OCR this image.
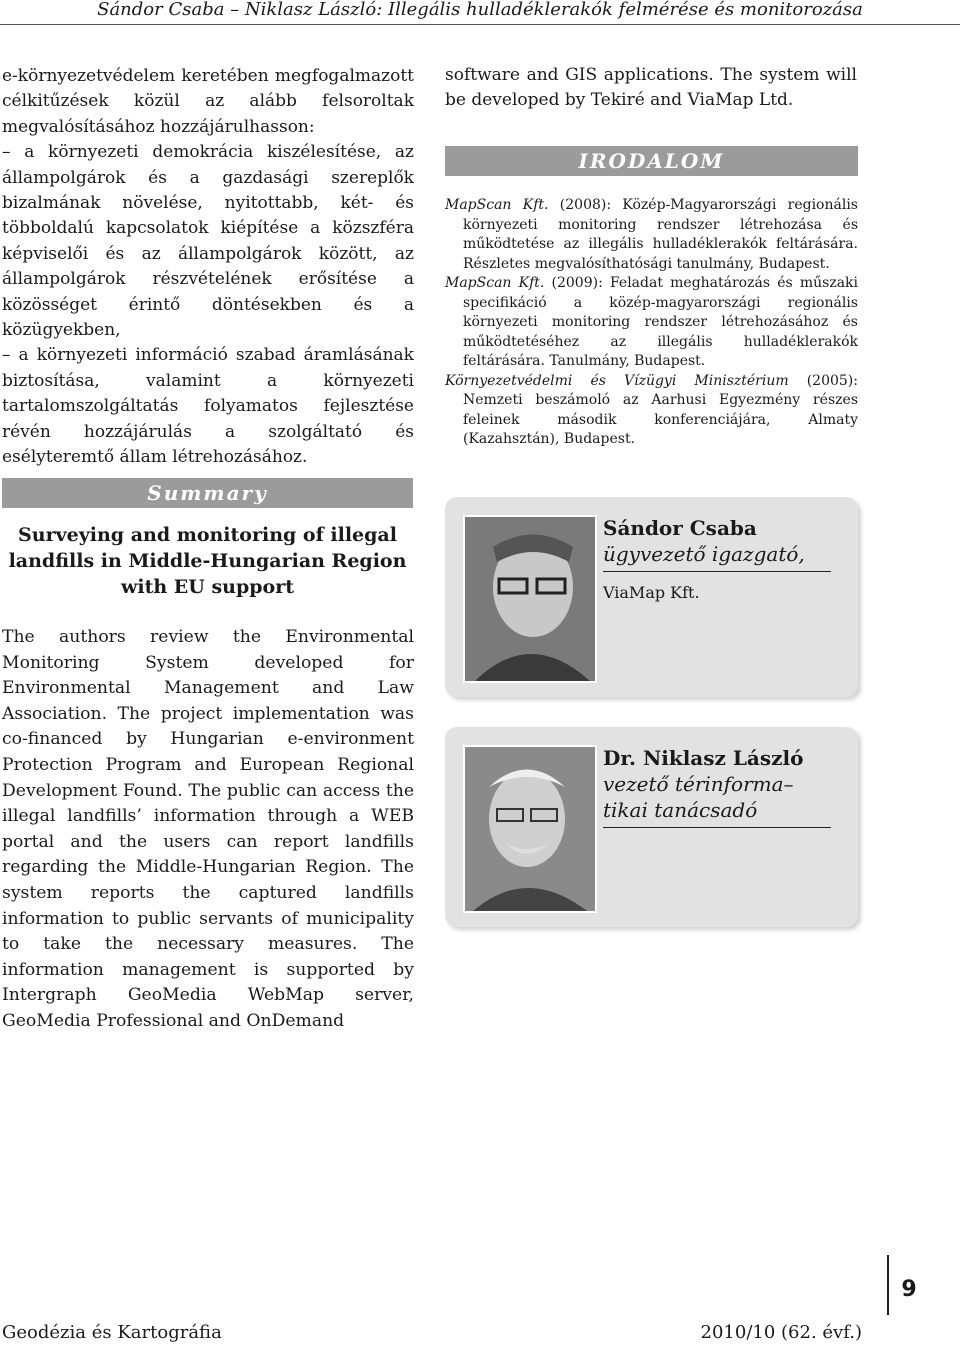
Sándor Csaba – Niklasz László: Illegális hulladéklerakók felmérése és monitorozása
e-környezetvédelem keretében megfogalmazott célkitűzések közül az alább felsoroltak megvalósításához hozzájárulhasson:
– a környezeti demokrácia kiszélesítése, az állampolgárok és a gazdasági szereplők bizalmának növelése, nyitottabb, két- és többoldalú kapcsolatok kiépítése a közszféra képviselői és az állampolgárok között, az állampolgárok részvételének erősítése a közösséget érintő döntésekben és a közügyekben,
– a környezeti információ szabad áramlásának biztosítása, valamint a környezeti tartalomszolgáltatás folyamatos fejlesztése révén hozzájárulás a szolgáltató és esélyteremtő állam létrehozásához.
software and GIS applications. The system will be developed by Tekiré and ViaMap Ltd.
IRODALOM

MapScan Kft. (2008): Közép-Magyarországi regionális környezeti monitoring rendszer létrehozása és működtetése az illegális hulladéklerakók feltárására. Részletes megvalósíthatósági tanulmány, Budapest.

MapScan Kft. (2009): Feladat meghatározás és műszaki specifikáció a közép-magyarországi regionális környezeti monitoring rendszer létrehozásához és működtetéséhez az illegális hulladéklerakók feltárására. Tanulmány, Budapest.

Környezetvédelmi és Vízügyi Minisztérium (2005): Nemzeti beszámoló az Aarhusi Egyezmény részes feleinek második konferenciájára, Almaty (Kazahsztán), Budapest.

Summary
Surveying and monitoring of illegal landfills in Middle-Hungarian Region with EU support

The authors review the Environmental Monitoring System developed for Environmental Management and Law Association. The project implementation was co-financed by Hungarian e-environment Protection Program and European Regional Development Found. The public can access the illegal landfills’ information through a WEB portal and the users can report landfills regarding the Middle-Hungarian Region. The system reports the captured landfills information to public servants of municipality to take the necessary measures. The information management is supported by Intergraph GeoMedia WebMap server, GeoMedia Professional and OnDemand

Sándor Csaba
ügyvezető igazgató,
ViaMap Kft.
Dr. Niklasz László
vezető térinforma–tikai tanácsadó
9
Geodézia és Kartográfia	2010/10 (62. évf.)
